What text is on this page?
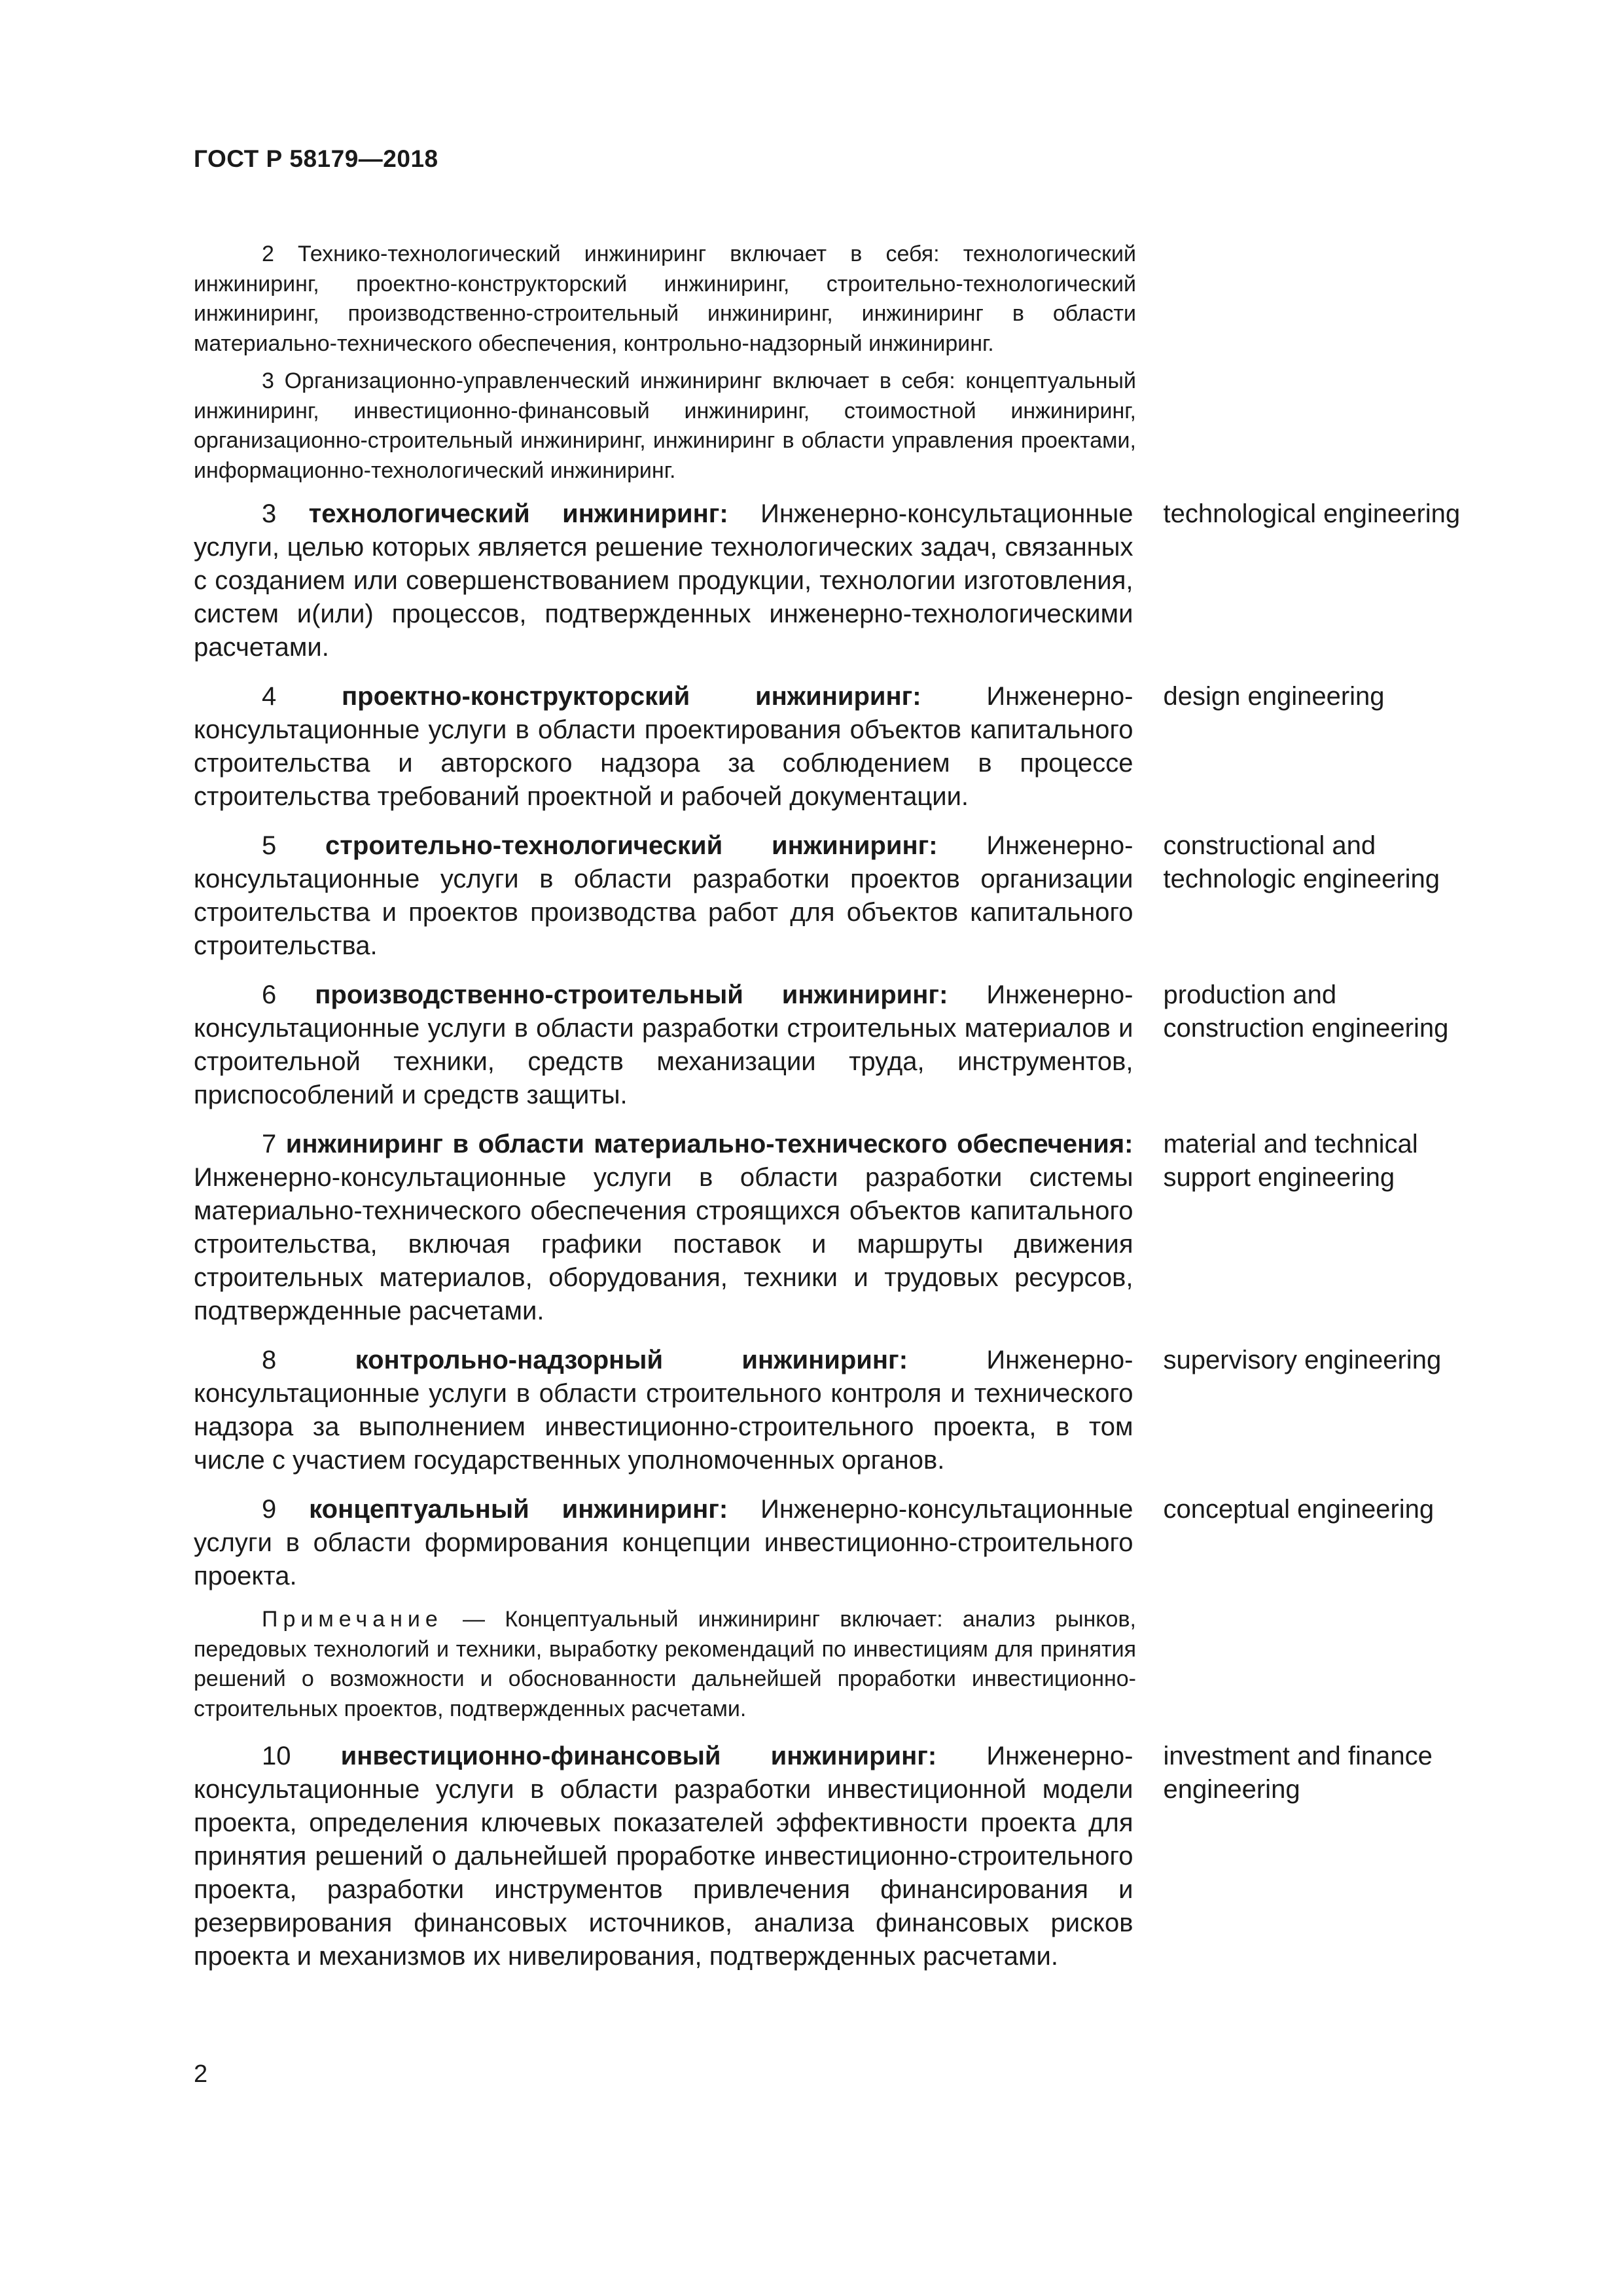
ГОСТ Р 58179—2018

2 Технико-технологический инжиниринг включает в себя: технологический инжиниринг, проектно-конструкторский инжиниринг, строительно-технологический инжиниринг, производственно-строительный инжиниринг, инжиниринг в области материально-технического обеспечения, контрольно-надзорный инжиниринг.

3 Организационно-управленческий инжиниринг включает в себя: концептуальный инжиниринг, инвестиционно-финансовый инжиниринг, стоимостной инжиниринг, организационно-строительный инжиниринг, инжиниринг в области управления проектами, информационно-технологический инжиниринг.

3 технологический инжиниринг: Инженерно-консультационные услуги, целью которых является решение технологических задач, связанных с созданием или совершенствованием продукции, технологии изготовления, систем и(или) процессов, подтвержденных инженерно-технологическими расчетами.
technological engineering
4 проектно-конструкторский инжиниринг: Инженерно-консультационные услуги в области проектирования объектов капитального строительства и авторского надзора за соблюдением в процессе строительства требований проектной и рабочей документации.
design engineering
5 строительно-технологический инжиниринг: Инженерно-консультационные услуги в области разработки проектов организации строительства и проектов производства работ для объектов капитального строительства.
constructional and technologic engineering
6 производственно-строительный инжиниринг: Инженерно-консультационные услуги в области разработки строительных материалов и строительной техники, средств механизации труда, инструментов, приспособлений и средств защиты.
production and construction engineering
7 инжиниринг в области материально-технического обеспечения: Инженерно-консультационные услуги в области разработки системы материально-технического обеспечения строящихся объектов капитального строительства, включая графики поставок и маршруты движения строительных материалов, оборудования, техники и трудовых ресурсов, подтвержденные расчетами.
material and technical support engineering
8	контрольно-надзорный инжиниринг:	Инженерно-консультационные услуги в области строительного контроля и технического надзора за выполнением инвестиционно-строительного проекта, в том числе с участием государственных уполномоченных органов.
supervisory engineering
9 концептуальный инжиниринг: Инженерно-консультационные услуги в области формирования концепции инвестиционно-строительного проекта.
conceptual engineering
Примечание — Концептуальный инжиниринг включает: анализ рынков, передовых технологий и техники, выработку рекомендаций по инвестициям для принятия решений о возможности и обоснованности дальнейшей проработки инвестиционно-строительных проектов, подтвержденных расчетами.
10 инвестиционно-финансовый инжиниринг: Инженерно-консультационные услуги в области разработки инвестиционной модели проекта, определения ключевых показателей эффективности проекта для принятия решений о дальнейшей проработке инвестиционно-строительного проекта, разработки инструментов привлечения финансирования и резервирования финансовых источников, анализа финансовых рисков проекта и механизмов их нивелирования, подтвержденных расчетами.
investment and finance engineering
2
